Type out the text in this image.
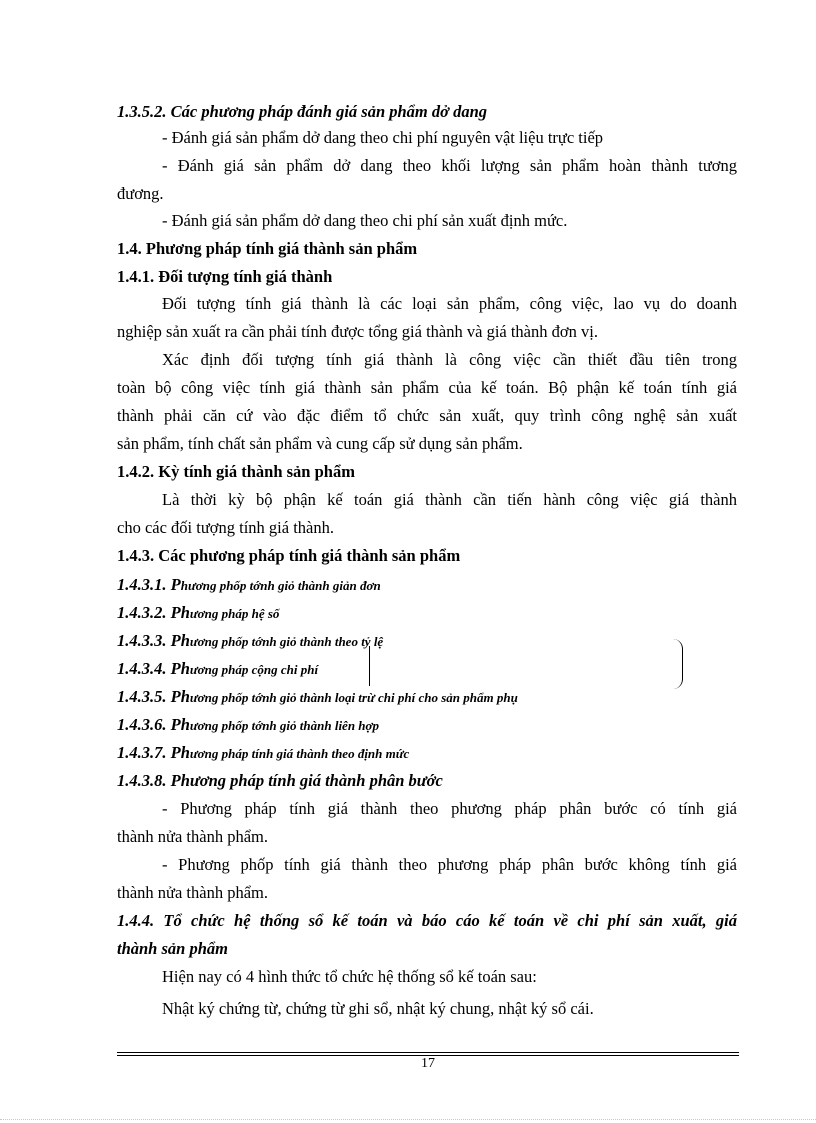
1.3.5.2. Các phương pháp đánh giá sản phẩm dở dang
- Đánh giá sản phẩm dở dang theo chi phí nguyên vật liệu trực tiếp
- Đánh giá sản phẩm dở dang theo khối lượng sản phẩm hoàn thành tương
đương.
- Đánh giá sản phẩm dở dang theo chi phí sản xuất định mức.
1.4. Phương pháp tính giá thành sản phẩm
1.4.1. Đối tượng tính giá thành
Đối tượng tính giá thành là các loại sản phẩm, công việc, lao vụ do doanh
nghiệp sản xuất ra cần phải tính được tổng giá thành và giá thành đơn vị.
Xác định đối tượng tính giá thành là công việc cần thiết đầu tiên trong
toàn bộ công việc tính giá thành sản phẩm của kế toán. Bộ phận kế toán tính giá
thành phải căn cứ vào đặc điểm tổ chức sản xuất, quy trình công nghệ sản xuất
sản phẩm, tính chất sản phẩm và cung cấp sử dụng sản phẩm.
1.4.2. Kỳ tính giá thành sản phẩm
Là thời kỳ bộ phận kế toán giá thành cần tiến hành công việc giá thành
cho các đối tượng tính giá thành.
1.4.3. Các phương pháp tính giá thành sản phẩm
1.4.3.1. Phương phốp tớnh giỏ thành giản đơn
1.4.3.2. Phương pháp hệ số
1.4.3.3. Phương phốp tớnh giỏ thành theo tỷ lệ
1.4.3.4. Phương pháp cộng chi phí
1.4.3.5. Phương phốp tớnh giỏ thành loại trừ chi phí cho sản phẩm phụ
1.4.3.6. Phương phốp tớnh giỏ thành liên hợp
1.4.3.7. Phương pháp tính giá thành theo định mức
1.4.3.8. Phương pháp tính giá thành phân bước
- Phương pháp tính giá thành theo phương pháp phân bước có tính giá
thành nửa thành phẩm.
- Phương phốp tính giá thành theo phương pháp phân bước không tính giá
thành nửa thành phẩm.
1.4.4. Tổ chức hệ thống sổ kế toán và báo cáo kế toán về chi phí sản xuất, giá
thành sản phẩm
Hiện nay có 4 hình thức tổ chức hệ thống sổ kế toán sau:
Nhật ký chứng từ, chứng từ ghi sổ, nhật ký chung, nhật ký sổ cái.
17
